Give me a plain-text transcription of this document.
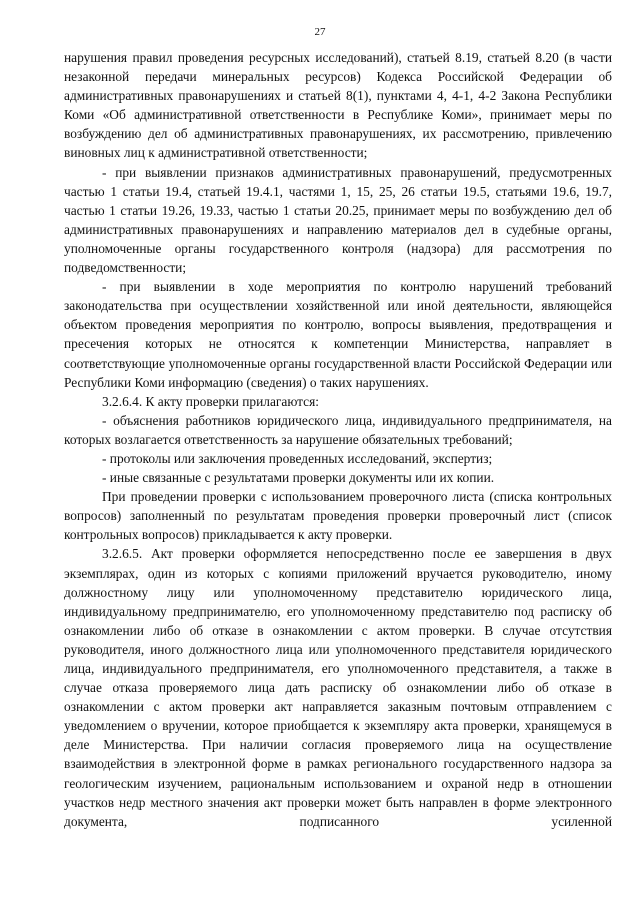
27

нарушения правил проведения ресурсных исследований), статьей 8.19, статьей 8.20 (в части незаконной передачи минеральных ресурсов) Кодекса Российской Федерации об административных правонарушениях и статьей 8(1), пунктами 4, 4-1, 4-2 Закона Республики Коми «Об административной ответственности в Республике Коми», принимает меры по возбуждению дел об административных правонарушениях, их рассмотрению, привлечению виновных лиц к административной ответственности;

- при выявлении признаков административных правонарушений, предусмотренных частью 1 статьи 19.4, статьей 19.4.1, частями 1, 15, 25, 26 статьи 19.5, статьями 19.6, 19.7, частью 1 статьи 19.26, 19.33, частью 1 статьи 20.25, принимает меры по возбуждению дел об административных правонарушениях и направлению материалов дел в судебные органы, уполномоченные органы государственного контроля (надзора) для рассмотрения по подведомственности;

- при выявлении в ходе мероприятия по контролю нарушений требований законодательства при осуществлении хозяйственной или иной деятельности, являющейся объектом проведения мероприятия по контролю, вопросы выявления, предотвращения и пресечения которых не относятся к компетенции Министерства, направляет в соответствующие уполномоченные органы государственной власти Российской Федерации или Республики Коми информацию (сведения) о таких нарушениях.

3.2.6.4. К акту проверки прилагаются:

- объяснения работников юридического лица, индивидуального предпринимателя, на которых возлагается ответственность за нарушение обязательных требований;

- протоколы или заключения проведенных исследований, экспертиз;

- иные связанные с результатами проверки документы или их копии.

При проведении проверки с использованием проверочного листа (списка контрольных вопросов) заполненный по результатам проведения проверки проверочный лист (список контрольных вопросов) прикладывается к акту проверки.

3.2.6.5. Акт проверки оформляется непосредственно после ее завершения в двух экземплярах, один из которых с копиями приложений вручается руководителю, иному должностному лицу или уполномоченному представителю юридического лица, индивидуальному предпринимателю, его уполномоченному представителю под расписку об ознакомлении либо об отказе в ознакомлении с актом проверки. В случае отсутствия руководителя, иного должностного лица или уполномоченного представителя юридического лица, индивидуального предпринимателя, его уполномоченного представителя, а также в случае отказа проверяемого лица дать расписку об ознакомлении либо об отказе в ознакомлении с актом проверки акт направляется заказным почтовым отправлением с уведомлением о вручении, которое приобщается к экземпляру акта проверки, хранящемуся в деле Министерства. При наличии согласия проверяемого лица на осуществление взаимодействия в электронной форме в рамках регионального государственного надзора за геологическим изучением, рациональным использованием и охраной недр в отношении участков недр местного значения акт проверки может быть направлен в форме электронного документа, подписанного усиленной
